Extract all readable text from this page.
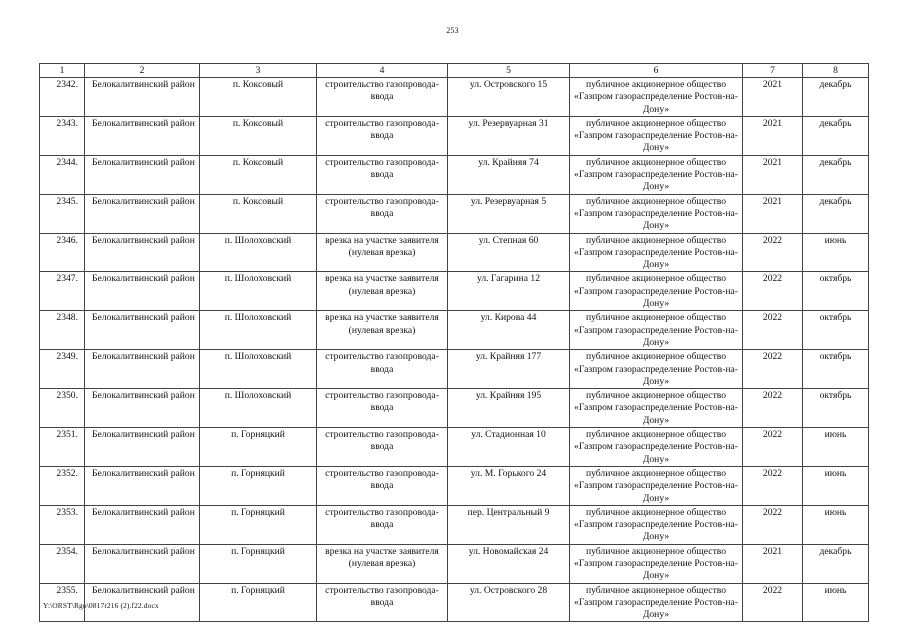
253
1	2	3	4	5	6	7	8
2342.	Белокалитвинский район	п. Коксовый	строительство газопровода-ввода	ул. Островского 15	публичное акционерное общество «Газпром газораспределение Ростов-на-Дону»	2021	декабрь
2343.	Белокалитвинский район	п. Коксовый	строительство газопровода-ввода	ул. Резервуарная 31	публичное акционерное общество «Газпром газораспределение Ростов-на-Дону»	2021	декабрь
2344.	Белокалитвинский район	п. Коксовый	строительство газопровода-ввода	ул. Крайняя 74	публичное акционерное общество «Газпром газораспределение Ростов-на-Дону»	2021	декабрь
2345.	Белокалитвинский район	п. Коксовый	строительство газопровода-ввода	ул. Резервуарная 5	публичное акционерное общество «Газпром газораспределение Ростов-на-Дону»	2021	декабрь
2346.	Белокалитвинский район	п. Шолоховский	врезка на участке заявителя (нулевая врезка)	ул. Степная 60	публичное акционерное общество «Газпром газораспределение Ростов-на-Дону»	2022	июнь
2347.	Белокалитвинский район	п. Шолоховский	врезка на участке заявителя (нулевая врезка)	ул. Гагарина 12	публичное акционерное общество «Газпром газораспределение Ростов-на-Дону»	2022	октябрь
2348.	Белокалитвинский район	п. Шолоховский	врезка на участке заявителя (нулевая врезка)	ул. Кирова 44	публичное акционерное общество «Газпром газораспределение Ростов-на-Дону»	2022	октябрь
2349.	Белокалитвинский район	п. Шолоховский	строительство газопровода-ввода	ул. Крайняя 177	публичное акционерное общество «Газпром газораспределение Ростов-на-Дону»	2022	октябрь
2350.	Белокалитвинский район	п. Шолоховский	строительство газопровода-ввода	ул. Крайняя 195	публичное акционерное общество «Газпром газораспределение Ростов-на-Дону»	2022	октябрь
2351.	Белокалитвинский район	п. Горняцкий	строительство газопровода-ввода	ул. Стадионная 10	публичное акционерное общество «Газпром газораспределение Ростов-на-Дону»	2022	июнь
2352.	Белокалитвинский район	п. Горняцкий	строительство газопровода-ввода	ул. М. Горького 24	публичное акционерное общество «Газпром газораспределение Ростов-на-Дону»	2022	июнь
2353.	Белокалитвинский район	п. Горняцкий	строительство газопровода-ввода	пер. Центральный 9	публичное акционерное общество «Газпром газораспределение Ростов-на-Дону»	2022	июнь
2354.	Белокалитвинский район	п. Горняцкий	врезка на участке заявителя (нулевая врезка)	ул. Новомайская 24	публичное акционерное общество «Газпром газораспределение Ростов-на-Дону»	2021	декабрь
2355.	Белокалитвинский район	п. Горняцкий	строительство газопровода-ввода	ул. Островского 28	публичное акционерное общество «Газпром газораспределение Ростов-на-Дону»	2022	июнь
Y:\ORST\Rgo\0817r216 (2).f22.docx
